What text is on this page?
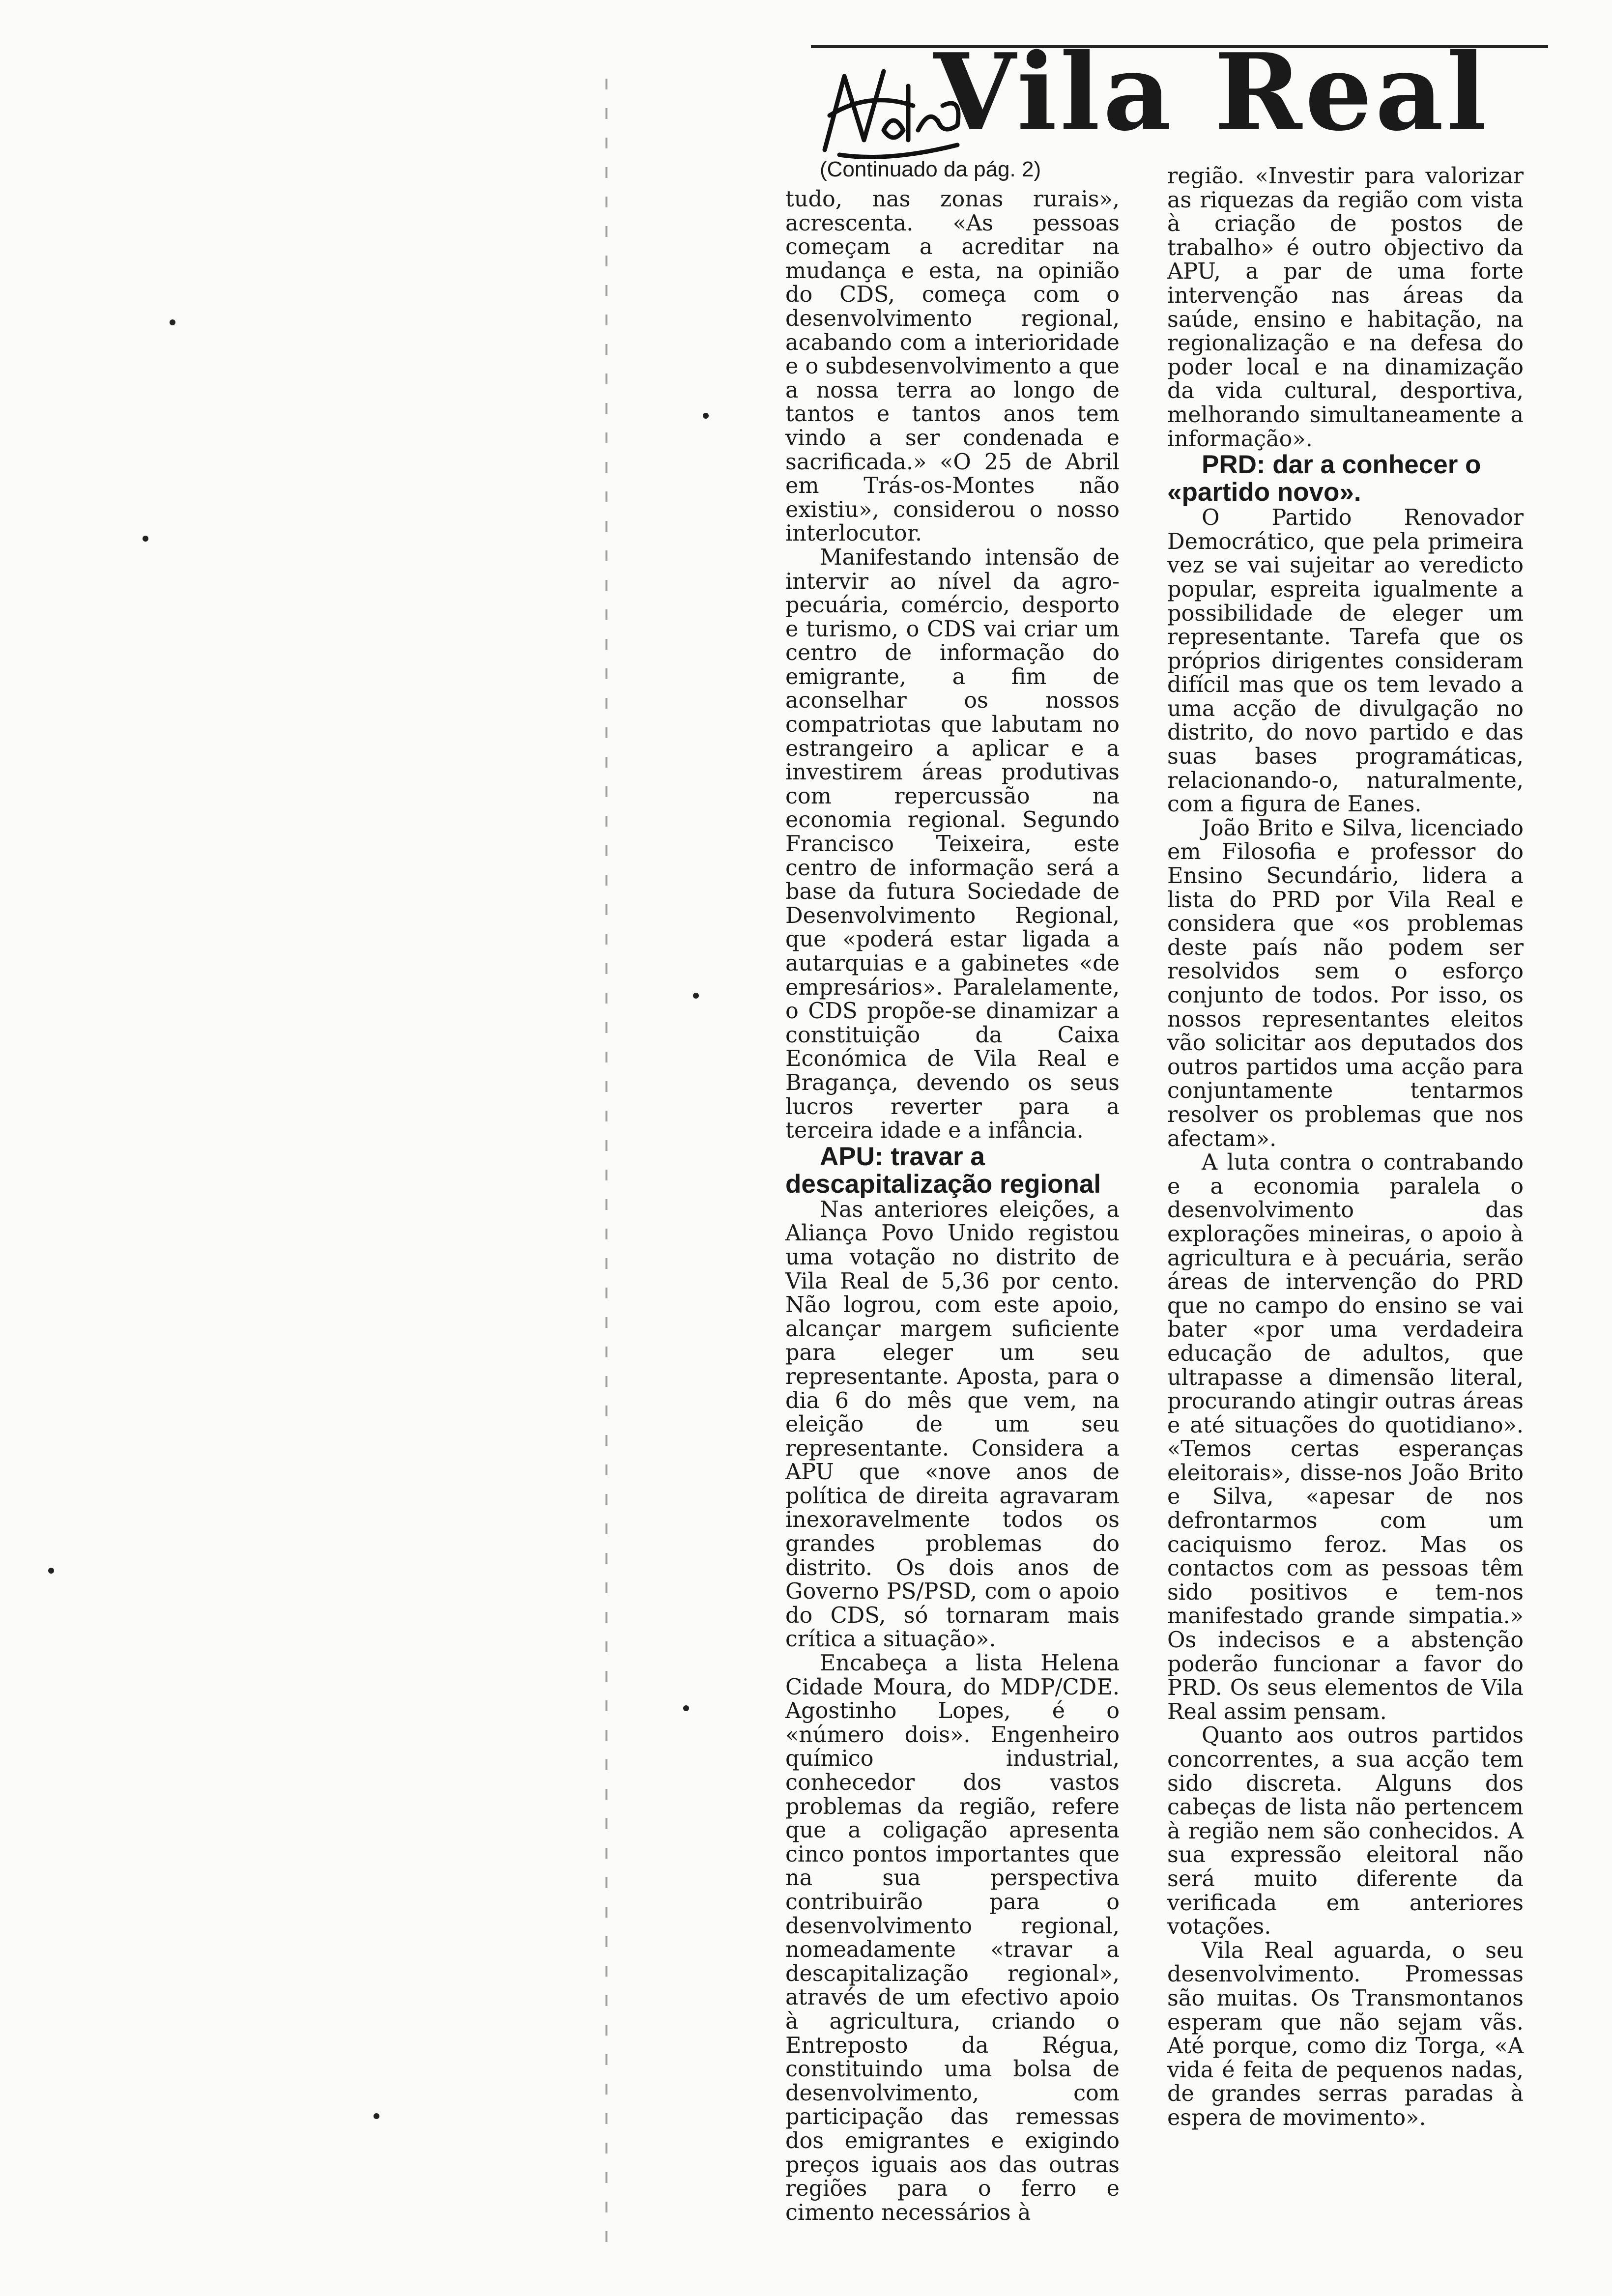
Vila Real
(Continuado da pág. 2)

tudo, nas zonas rurais», acrescenta. «As pessoas começam a acreditar na mudança e esta, na opinião do CDS, começa com o desenvolvimento regional, acabando com a interioridade e o subdesenvolvimento a que a nossa terra ao longo de tantos e tantos anos tem vindo a ser condenada e sacrificada.» «O 25 de Abril em Trás-os-Montes não existiu», considerou o nosso interlocutor.

Manifestando intensão de intervir ao nível da agro-pecuária, comércio, desporto e turismo, o CDS vai criar um centro de informação do emigrante, a fim de aconselhar os nossos compatriotas que labutam no estrangeiro a aplicar e a investirem áreas produtivas com repercussão na economia regional. Segundo Francisco Teixeira, este centro de informação será a base da futura Sociedade de Desenvolvimento Regional, que «poderá estar ligada a autarquias e a gabinetes «de empresários». Paralelamente, o CDS propõe-se dinamizar a constituição da Caixa Económica de Vila Real e Bragança, devendo os seus lucros reverter para a terceira idade e a infância.

APU: travar a descapitalização regional

Nas anteriores eleições, a Aliança Povo Unido registou uma votação no distrito de Vila Real de 5,36 por cento. Não logrou, com este apoio, alcançar margem suficiente para eleger um seu representante. Aposta, para o dia 6 do mês que vem, na eleição de um seu representante. Considera a APU que «nove anos de política de direita agravaram inexoravelmente todos os grandes problemas do distrito. Os dois anos de Governo PS/PSD, com o apoio do CDS, só tornaram mais crítica a situação».

Encabeça a lista Helena Cidade Moura, do MDP/CDE. Agostinho Lopes, é o «número dois». Engenheiro químico industrial, conhecedor dos vastos problemas da região, refere que a coligação apresenta cinco pontos importantes que na sua perspectiva contribuirão para o desenvolvimento regional, nomeadamente «travar a descapitalização regional», através de um efectivo apoio à agricultura, criando o Entreposto da Régua, constituindo uma bolsa de desenvolvimento, com participação das remessas dos emigrantes e exigindo preços iguais aos das outras regiões para o ferro e cimento necessários à

região. «Investir para valorizar as riquezas da região com vista à criação de postos de trabalho» é outro objectivo da APU, a par de uma forte intervenção nas áreas da saúde, ensino e habitação, na regionalização e na defesa do poder local e na dinamização da vida cultural, desportiva, melhorando simultaneamente a informação».

PRD: dar a conhecer o «partido novo».

O Partido Renovador Democrático, que pela primeira vez se vai sujeitar ao veredicto popular, espreita igualmente a possibilidade de eleger um representante. Tarefa que os próprios dirigentes consideram difícil mas que os tem levado a uma acção de divulgação no distrito, do novo partido e das suas bases programáticas, relacionando-o, naturalmente, com a figura de Eanes.

João Brito e Silva, licenciado em Filosofia e professor do Ensino Secundário, lidera a lista do PRD por Vila Real e considera que «os problemas deste país não podem ser resolvidos sem o esforço conjunto de todos. Por isso, os nossos representantes eleitos vão solicitar aos deputados dos outros partidos uma acção para conjuntamente tentarmos resolver os problemas que nos afectam».

A luta contra o contrabando e a economia paralela o desenvolvimento das explorações mineiras, o apoio à agricultura e à pecuária, serão áreas de intervenção do PRD que no campo do ensino se vai bater «por uma verdadeira educação de adultos, que ultrapasse a dimensão literal, procurando atingir outras áreas e até situações do quotidiano». «Temos certas esperanças eleitorais», disse-nos João Brito e Silva, «apesar de nos defrontarmos com um caciquismo feroz. Mas os contactos com as pessoas têm sido positivos e tem-nos manifestado grande simpatia.» Os indecisos e a abstenção poderão funcionar a favor do PRD. Os seus elementos de Vila Real assim pensam.

Quanto aos outros partidos concorrentes, a sua acção tem sido discreta. Alguns dos cabeças de lista não pertencem à região nem são conhecidos. A sua expressão eleitoral não será muito diferente da verificada em anteriores votações.

Vila Real aguarda, o seu desenvolvimento. Promessas são muitas. Os Transmontanos esperam que não sejam vãs. Até porque, como diz Torga, «A vida é feita de pequenos nadas, de grandes serras paradas à espera de movimento».
